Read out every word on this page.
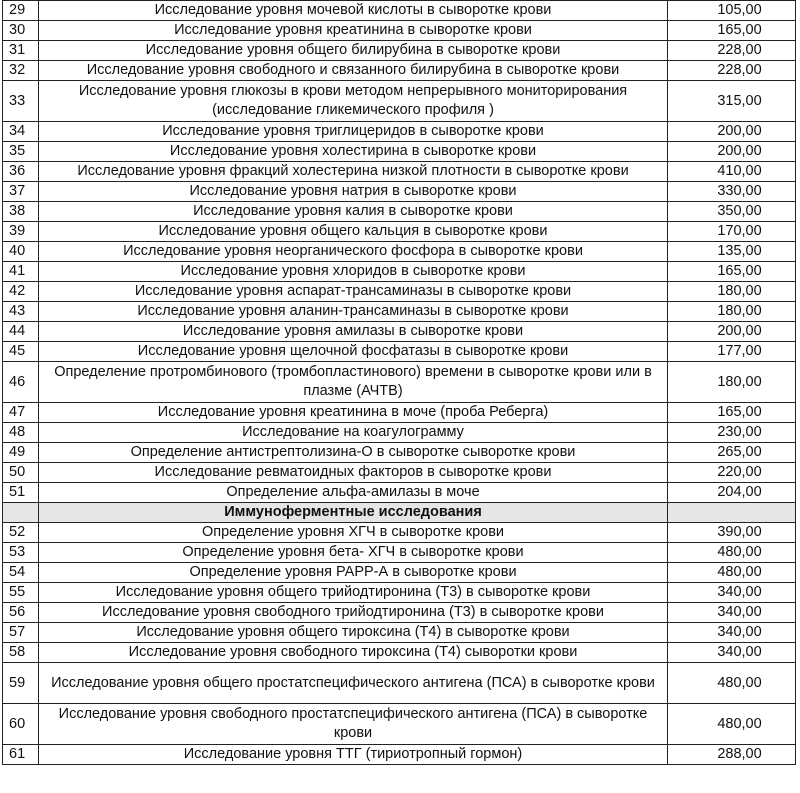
29	Исследование уровня мочевой кислоты в сыворотке крови	105,00
30	Исследование уровня креатинина в сыворотке крови	165,00
31	Исследование уровня общего билирубина в сыворотке крови	228,00
32	Исследование уровня свободного и связанного билирубина в сыворотке крови	228,00
33	Исследование уровня глюкозы в крови методом непрерывного мониторирования (исследование гликемического профиля )	315,00
34	Исследование уровня триглицеридов в сыворотке крови	200,00
35	Исследование уровня холестирина в сыворотке крови	200,00
36	Исследование уровня фракций холестерина низкой плотности в сыворотке крови	410,00
37	Исследование уровня натрия в сыворотке крови	330,00
38	Исследование уровня калия в сыворотке крови	350,00
39	Исследование уровня общего кальция в сыворотке крови	170,00
40	Исследование уровня неорганического фосфора в сыворотке крови	135,00
41	Исследование уровня хлоридов в сыворотке крови	165,00
42	Исследование уровня аспарат-трансаминазы в сыворотке крови	180,00
43	Исследование уровня аланин-трансаминазы в сыворотке крови	180,00
44	Исследование уровня амилазы в сыворотке крови	200,00
45	Исследование уровня щелочной фосфатазы в сыворотке крови	177,00
46	Определение протромбинового (тромбопластинового) времени в сыворотке крови или в плазме (АЧТВ)	180,00
47	Исследование уровня креатинина в моче (проба Реберга)	165,00
48	Исследование на коагулограмму	230,00
49	Определение антистрептолизина-О в сыворотке сыворотке крови	265,00
50	Исследование ревматоидных факторов в сыворотке крови	220,00
51	Определение альфа-амилазы в моче	204,00
	Иммуноферментные исследования	
52	Определение уровня ХГЧ в сыворотке крови	390,00
53	Определение уровня бета- ХГЧ в сыворотке крови	480,00
54	Определение уровня РАРР-А в сыворотке крови	480,00
55	Исследование уровня общего трийодтиронина (Т3) в сыворотке крови	340,00
56	Исследование уровня свободного трийодтиронина (Т3) в сыворотке крови	340,00
57	Исследование уровня общего тироксина (Т4) в сыворотке крови	340,00
58	Исследование уровня свободного тироксина (Т4) сыворотки крови	340,00
59	Исследование уровня общего простатспецифического антигена (ПСА) в сыворотке крови	480,00
60	Исследование уровня свободного простатспецифического антигена (ПСА) в сыворотке крови	480,00
61	Исследование уровня ТТГ (тириотропный гормон)	288,00
